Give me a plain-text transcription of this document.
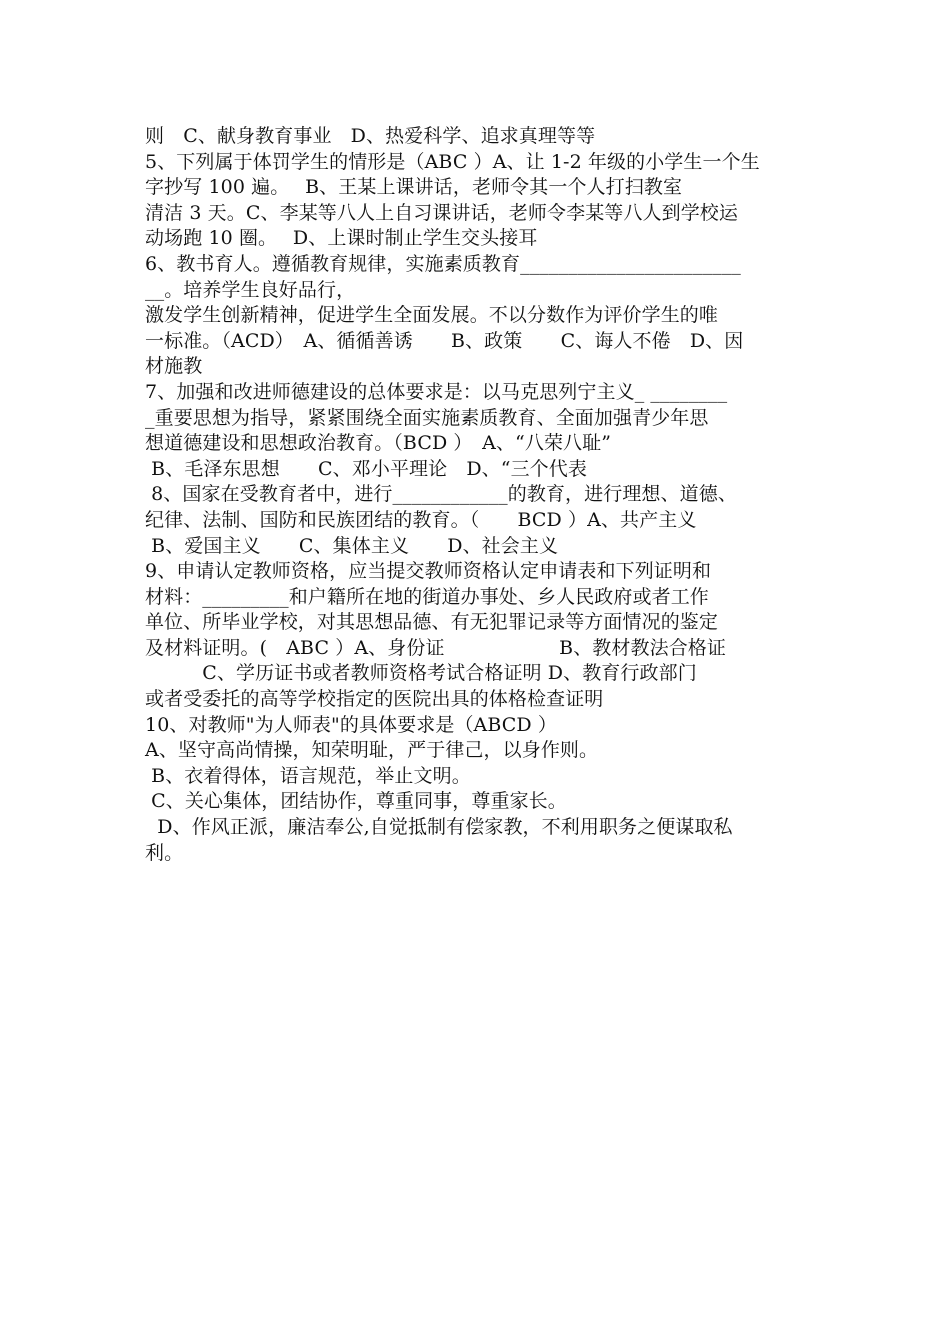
则　C、献身教育事业　D、热爱科学、追求真理等等
5、下列属于体罚学生的情形是（ABC ）A、让 1-2 年级的小学生一个生
字抄写 100 遍。　 B、王某上课讲话，老师令其一个人打扫教室
清洁 3 天。C、李某等八人上自习课讲话，老师令李某等八人到学校运
动场跑 10 圈。　 D、上课时制止学生交头接耳
6、教书育人。遵循教育规律，实施素质教育_______________________
__。培养学生良好品行，
激发学生创新精神，促进学生全面发展。不以分数作为评价学生的唯
一标准。（ACD）　A、循循善诱　　B、政策　　C、诲人不倦　D、因
材施教
7、加强和改进师德建设的总体要求是：以马克思列宁主义_ ________
_重要思想为指导，紧紧围绕全面实施素质教育、全面加强青少年思
想道德建设和思想政治教育。（BCD ）　A、“八荣八耻”
B、毛泽东思想　　C、邓小平理论　D、“三个代表
8、国家在受教育者中，进行____________的教育，进行理想、道德、
纪律、法制、国防和民族团结的教育。（　　BCD ）A、共产主义
B、爱国主义　　C、集体主义　　D、社会主义
9、申请认定教师资格，应当提交教师资格认定申请表和下列证明和
材料：_________和户籍所在地的街道办事处、乡人民政府或者工作
单位、所毕业学校，对其思想品德、有无犯罪记录等方面情况的鉴定
及材料证明。(　ABC ）A、身份证　　　　　　B、教材教法合格证
　　　C、学历证书或者教师资格考试合格证明 D、教育行政部门
或者受委托的高等学校指定的医院出具的体格检查证明
10、对教师"为人师表"的具体要求是（ABCD ）
A、坚守高尚情操，知荣明耻，严于律己，以身作则。
B、衣着得体，语言规范，举止文明。
C、关心集体，团结协作，尊重同事，尊重家长。
D、作风正派，廉洁奉公,自觉抵制有偿家教，不利用职务之便谋取私
利。
